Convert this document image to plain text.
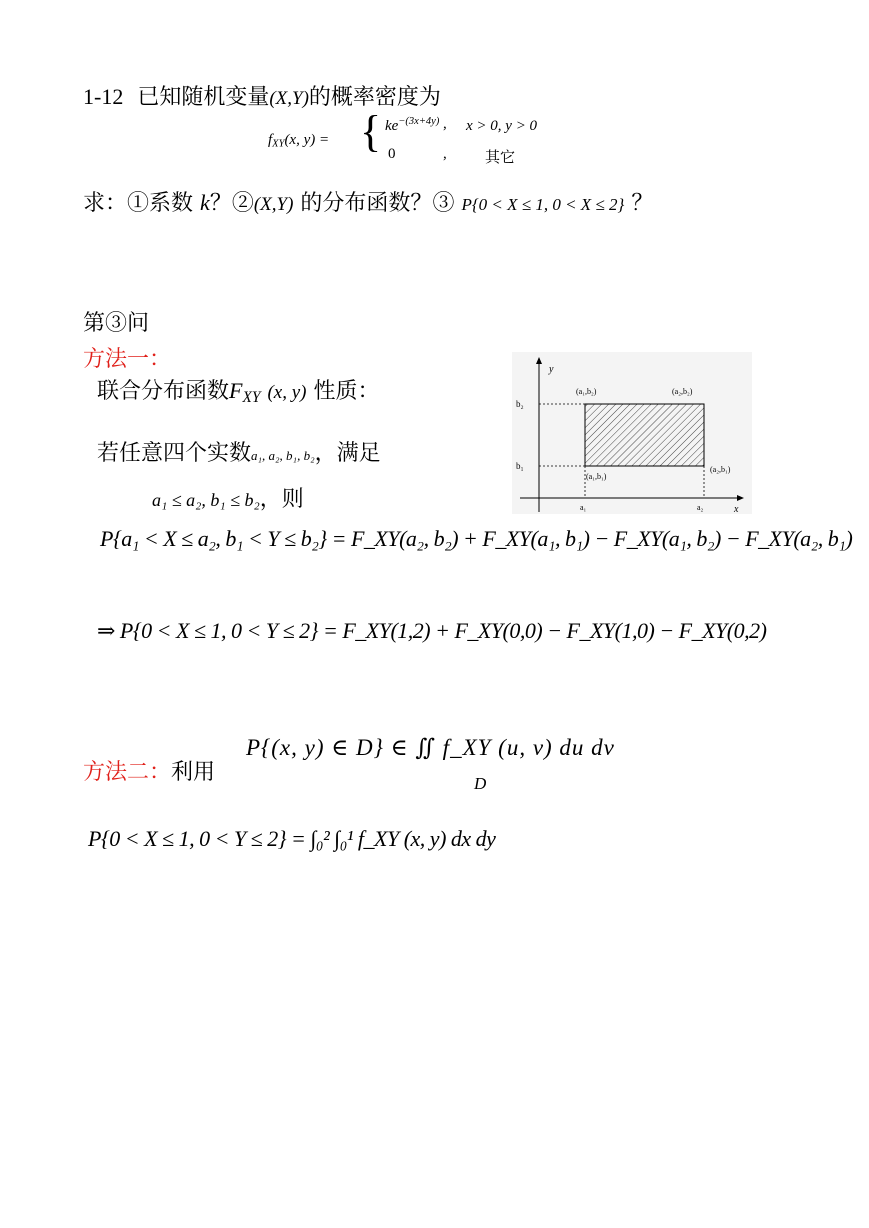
1-12 已知随机变量(X,Y)的概率密度为
$f_{XY}(x$, y) = { $ke^{-(3x+4y)}$ , x > 0, y > 0
0	,	其它
求：①系数 k？②(X,Y) 的分布函数？③ P{0 < X ≤ 1, 0 < X ≤ 2} ？
第③问
方法一：
联合分布函数$F_{XY}$ (x, y) 性质：
若任意四个实数a₁, a₂, b₁, b₂，满足
a₁ ≤ a₂, b₁ ≤ b₂，则
y
x
b₂
b₁
a₁	a₂
(a₁,b₂)	(a₂,b₂)
(a₁,b₁)
(a₂,b₁)
P{a₁ < X ≤ a₂, b₁ < Y ≤ b₂} = F_XY(a₂, b₂) + F_XY(a₁, b₁) − F_XY(a₁, b₂) − F_XY(a₂, b₁)
⇒ P{0 < X ≤ 1, 0 < Y ≤ 2} = F_XY(1,2) + F_XY(0,0) − F_XY(1,0) − F_XY(0,2)
方法二：利用
P{(x, y) ∈ D} ∈ ∬ f_XY (u, v) du dv
D
P{0 < X ≤ 1, 0 < Y ≤ 2} = ∫₀² ∫₀¹ f_XY (x, y) dx dy
